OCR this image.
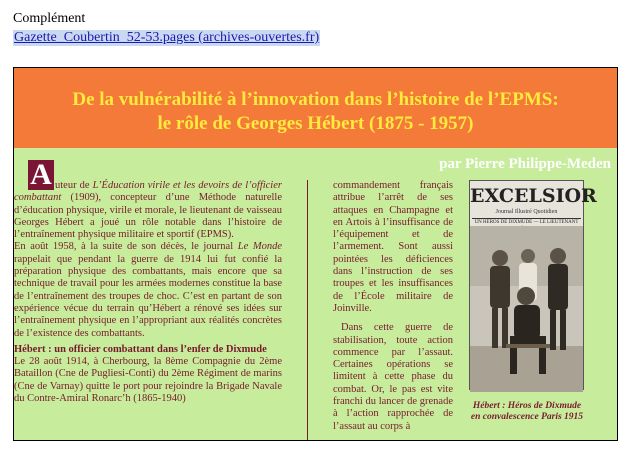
Complément
Gazette_Coubertin_52-53.pages (archives-ouvertes.fr)
De la vulnérabilité à l’innovation dans l’histoire de l’EPMS:
le rôle de Georges Hébert (1875 - 1957)
par Pierre Philippe-Meden
A uteur de L’Éducation virile et les devoirs de l’officier combattant (1909), concepteur d’une Méthode naturelle d’éducation physique, virile et morale, le lieutenant de vaisseau Georges Hébert a joué un rôle notable dans l’histoire de l’entraînement physique militaire et sportif (EPMS).

En août 1958, à la suite de son décès, le journal Le Monde rappelait que pendant la guerre de 1914 lui fut confié la préparation physique des combattants, mais encore que sa technique de travail pour les armées modernes constitue la base de l’entraînement des troupes de choc. C’est en partant de son expérience vécue du terrain qu’Hébert a rénové ses idées sur l’entraînement physique en l’appropriant aux réalités concrètes de l’existence des combattants.

Hébert : un officier combattant dans l’enfer de Dixmude

Le 28 août 1914, à Cherbourg, la 8ème Compagnie du 2ème Bataillon (Cne de Pugliesi-Conti) du 2ème Régiment de marins (Cne de Varnay) quitte le port pour rejoindre la Brigade Navale du Contre-Amiral Ronarc’h (1865-1940)

commandement français attribue l’arrêt de ses attaques en Champagne et en Artois à l’insuffisance de l’équipement et de l’armement. Sont aussi pointées les déficiences dans l’instruction de ses troupes et les insuffisances de l’École militaire de Joinville.

Dans cette guerre de stabilisation, toute action commence par l’assaut. Certaines opérations se limitent à cette phase du combat. Or, le pas est vite franchi du lancer de grenade à l’action rapprochée de l’assaut au corps à

EXCELSIOR
Journal Illustré Quotidien
UN HÉROS DE DIXMUDE — LE LIEUTENANT
Hébert : Héros de Dixmude en convalescence Paris 1915
